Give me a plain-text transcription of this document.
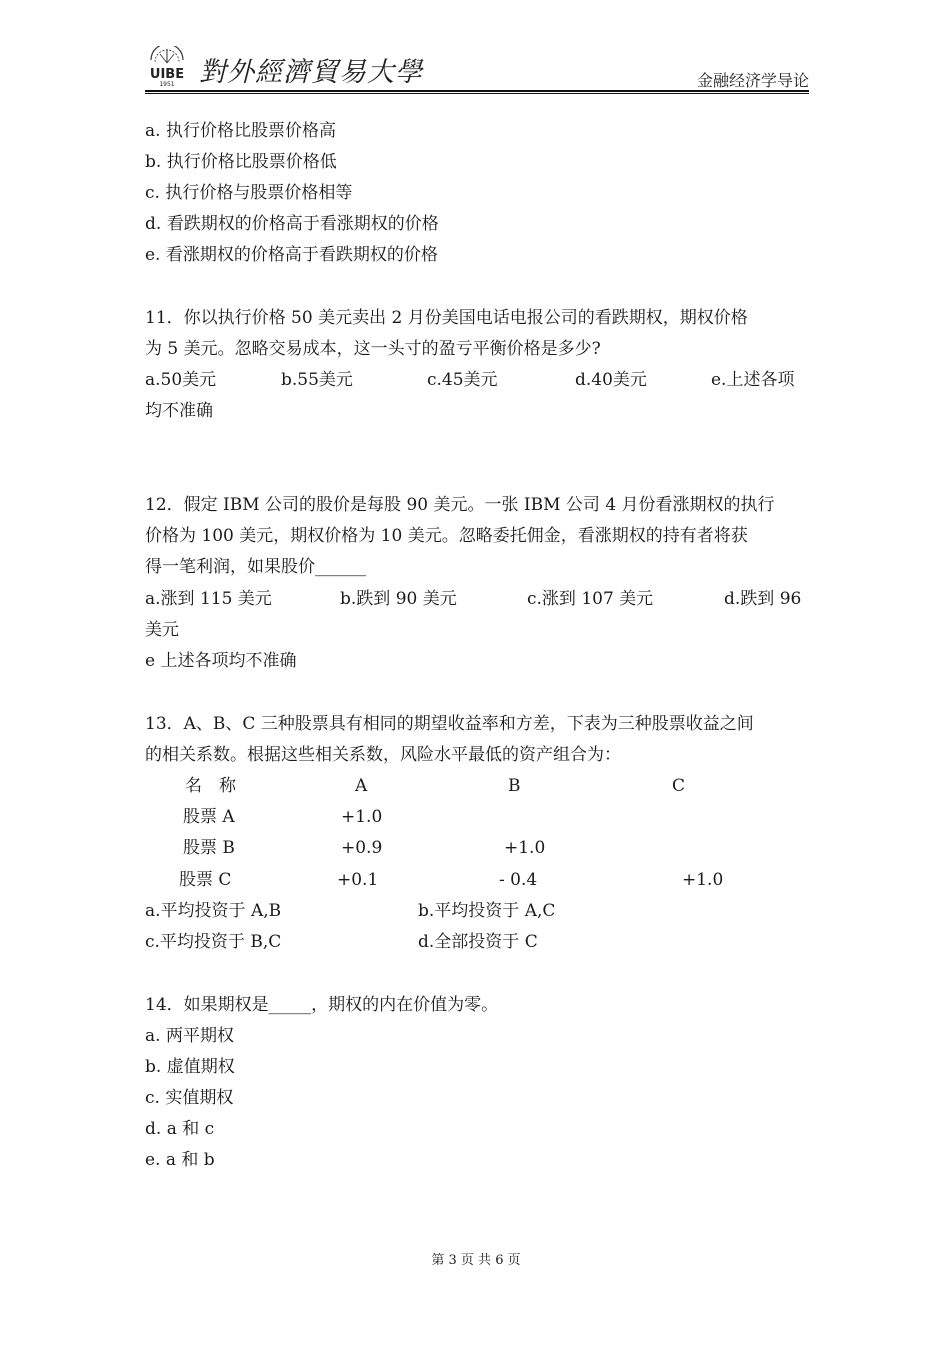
UIBE
1951 對外經濟貿易大學	金融经济学导论
a. 执行价格比股票价格高
b. 执行价格比股票价格低
c. 执行价格与股票价格相等
d. 看跌期权的价格高于看涨期权的价格
e. 看涨期权的价格高于看跌期权的价格
11．你以执行价格 50 美元卖出 2 月份美国电话电报公司的看跌期权，期权价格
为 5 美元。忽略交易成本，这一头寸的盈亏平衡价格是多少?
a.50美元	b.55美元	c.45美元	d.40美元	e.上述各项
均不准确
12．假定 IBM 公司的股价是每股 90 美元。一张 IBM 公司 4 月份看涨期权的执行
价格为 100 美元，期权价格为 10 美元。忽略委托佣金，看涨期权的持有者将获
得一笔利润，如果股价______
a.涨到 115 美元	b.跌到 90 美元	c.涨到 107 美元	d.跌到 96
美元
e 上述各项均不准确
13．A、B、C 三种股票具有相同的期望收益率和方差，下表为三种股票收益之间
的相关系数。根据这些相关系数，风险水平最低的资产组合为：
名　称	A	B	C
股票 A	+1.0
股票 B	+0.9	+1.0
股票 C	+0.1	- 0.4	+1.0
a.平均投资于 A,B	b.平均投资于 A,C
c.平均投资于 B,C	d.全部投资于 C
14．如果期权是_____，期权的内在价值为零。
a. 两平期权
b. 虚值期权
c. 实值期权
d. a 和 c
e. a 和 b
第 3 页 共 6 页
